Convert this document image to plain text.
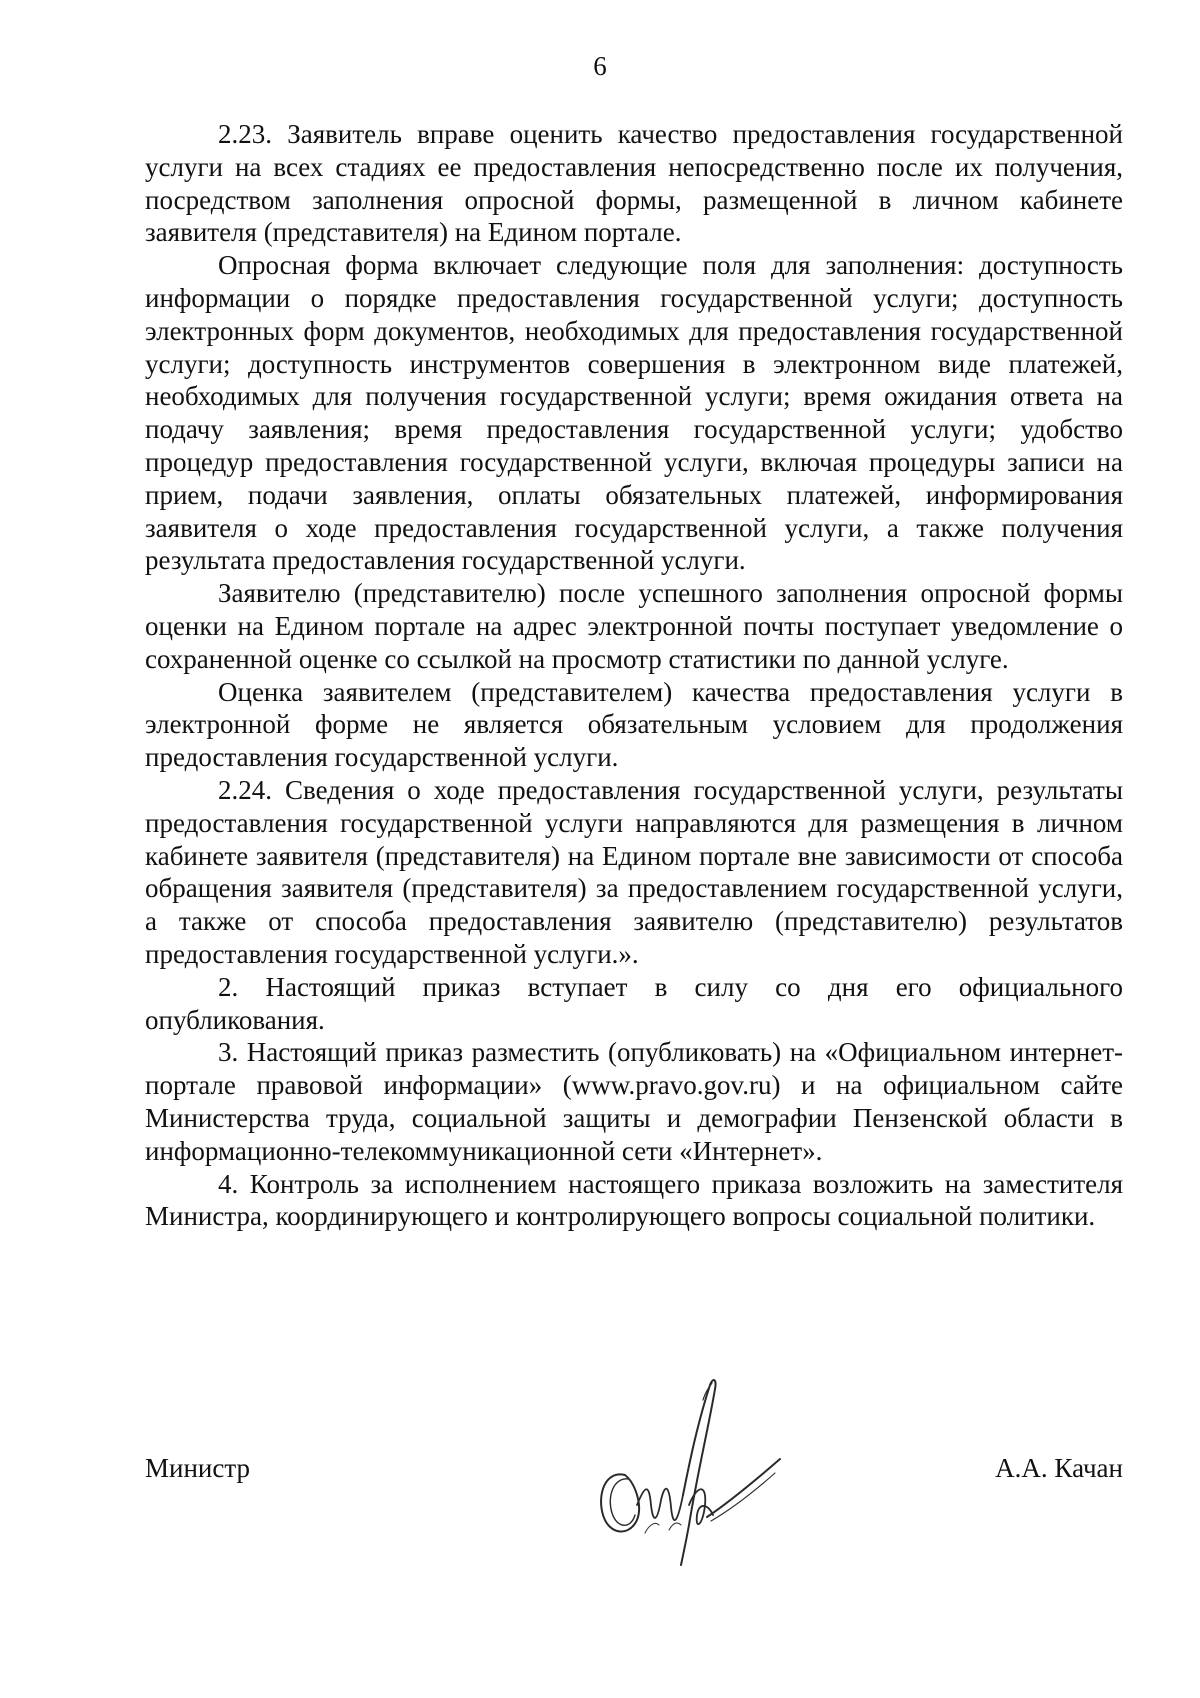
6

2.23. Заявитель вправе оценить качество предоставления государственной услуги на всех стадиях ее предоставления непосредственно после их получения, посредством заполнения опросной формы, размещенной в личном кабинете заявителя (представителя) на Едином портале.

Опросная форма включает следующие поля для заполнения: доступность информации о порядке предоставления государственной услуги; доступность электронных форм документов, необходимых для предоставления государственной услуги; доступность инструментов совершения в электронном виде платежей, необходимых для получения государственной услуги; время ожидания ответа на подачу заявления; время предоставления государственной услуги; удобство процедур предоставления государственной услуги, включая процедуры записи на прием, подачи заявления, оплаты обязательных платежей, информирования заявителя о ходе предоставления государственной услуги, а также получения результата предоставления государственной услуги.

Заявителю (представителю) после успешного заполнения опросной формы оценки на Едином портале на адрес электронной почты поступает уведомление о сохраненной оценке со ссылкой на просмотр статистики по данной услуге.

Оценка заявителем (представителем) качества предоставления услуги в электронной форме не является обязательным условием для продолжения предоставления государственной услуги.

2.24. Сведения о ходе предоставления государственной услуги, результаты предоставления государственной услуги направляются для размещения в личном кабинете заявителя (представителя) на Едином портале вне зависимости от способа обращения заявителя (представителя) за предоставлением государственной услуги, а также от способа предоставления заявителю (представителю) результатов предоставления государственной услуги.».

2. Настоящий приказ вступает в силу со дня его официального опубликования.

3. Настоящий приказ разместить (опубликовать) на «Официальном интернет-портале правовой информации» (www.pravo.gov.ru) и на официальном сайте Министерства труда, социальной защиты и демографии Пензенской области в информационно-телекоммуникационной сети «Интернет».

4. Контроль за исполнением настоящего приказа возложить на заместителя Министра, координирующего и контролирующего вопросы социальной политики.

Министр	А.А. Качан
